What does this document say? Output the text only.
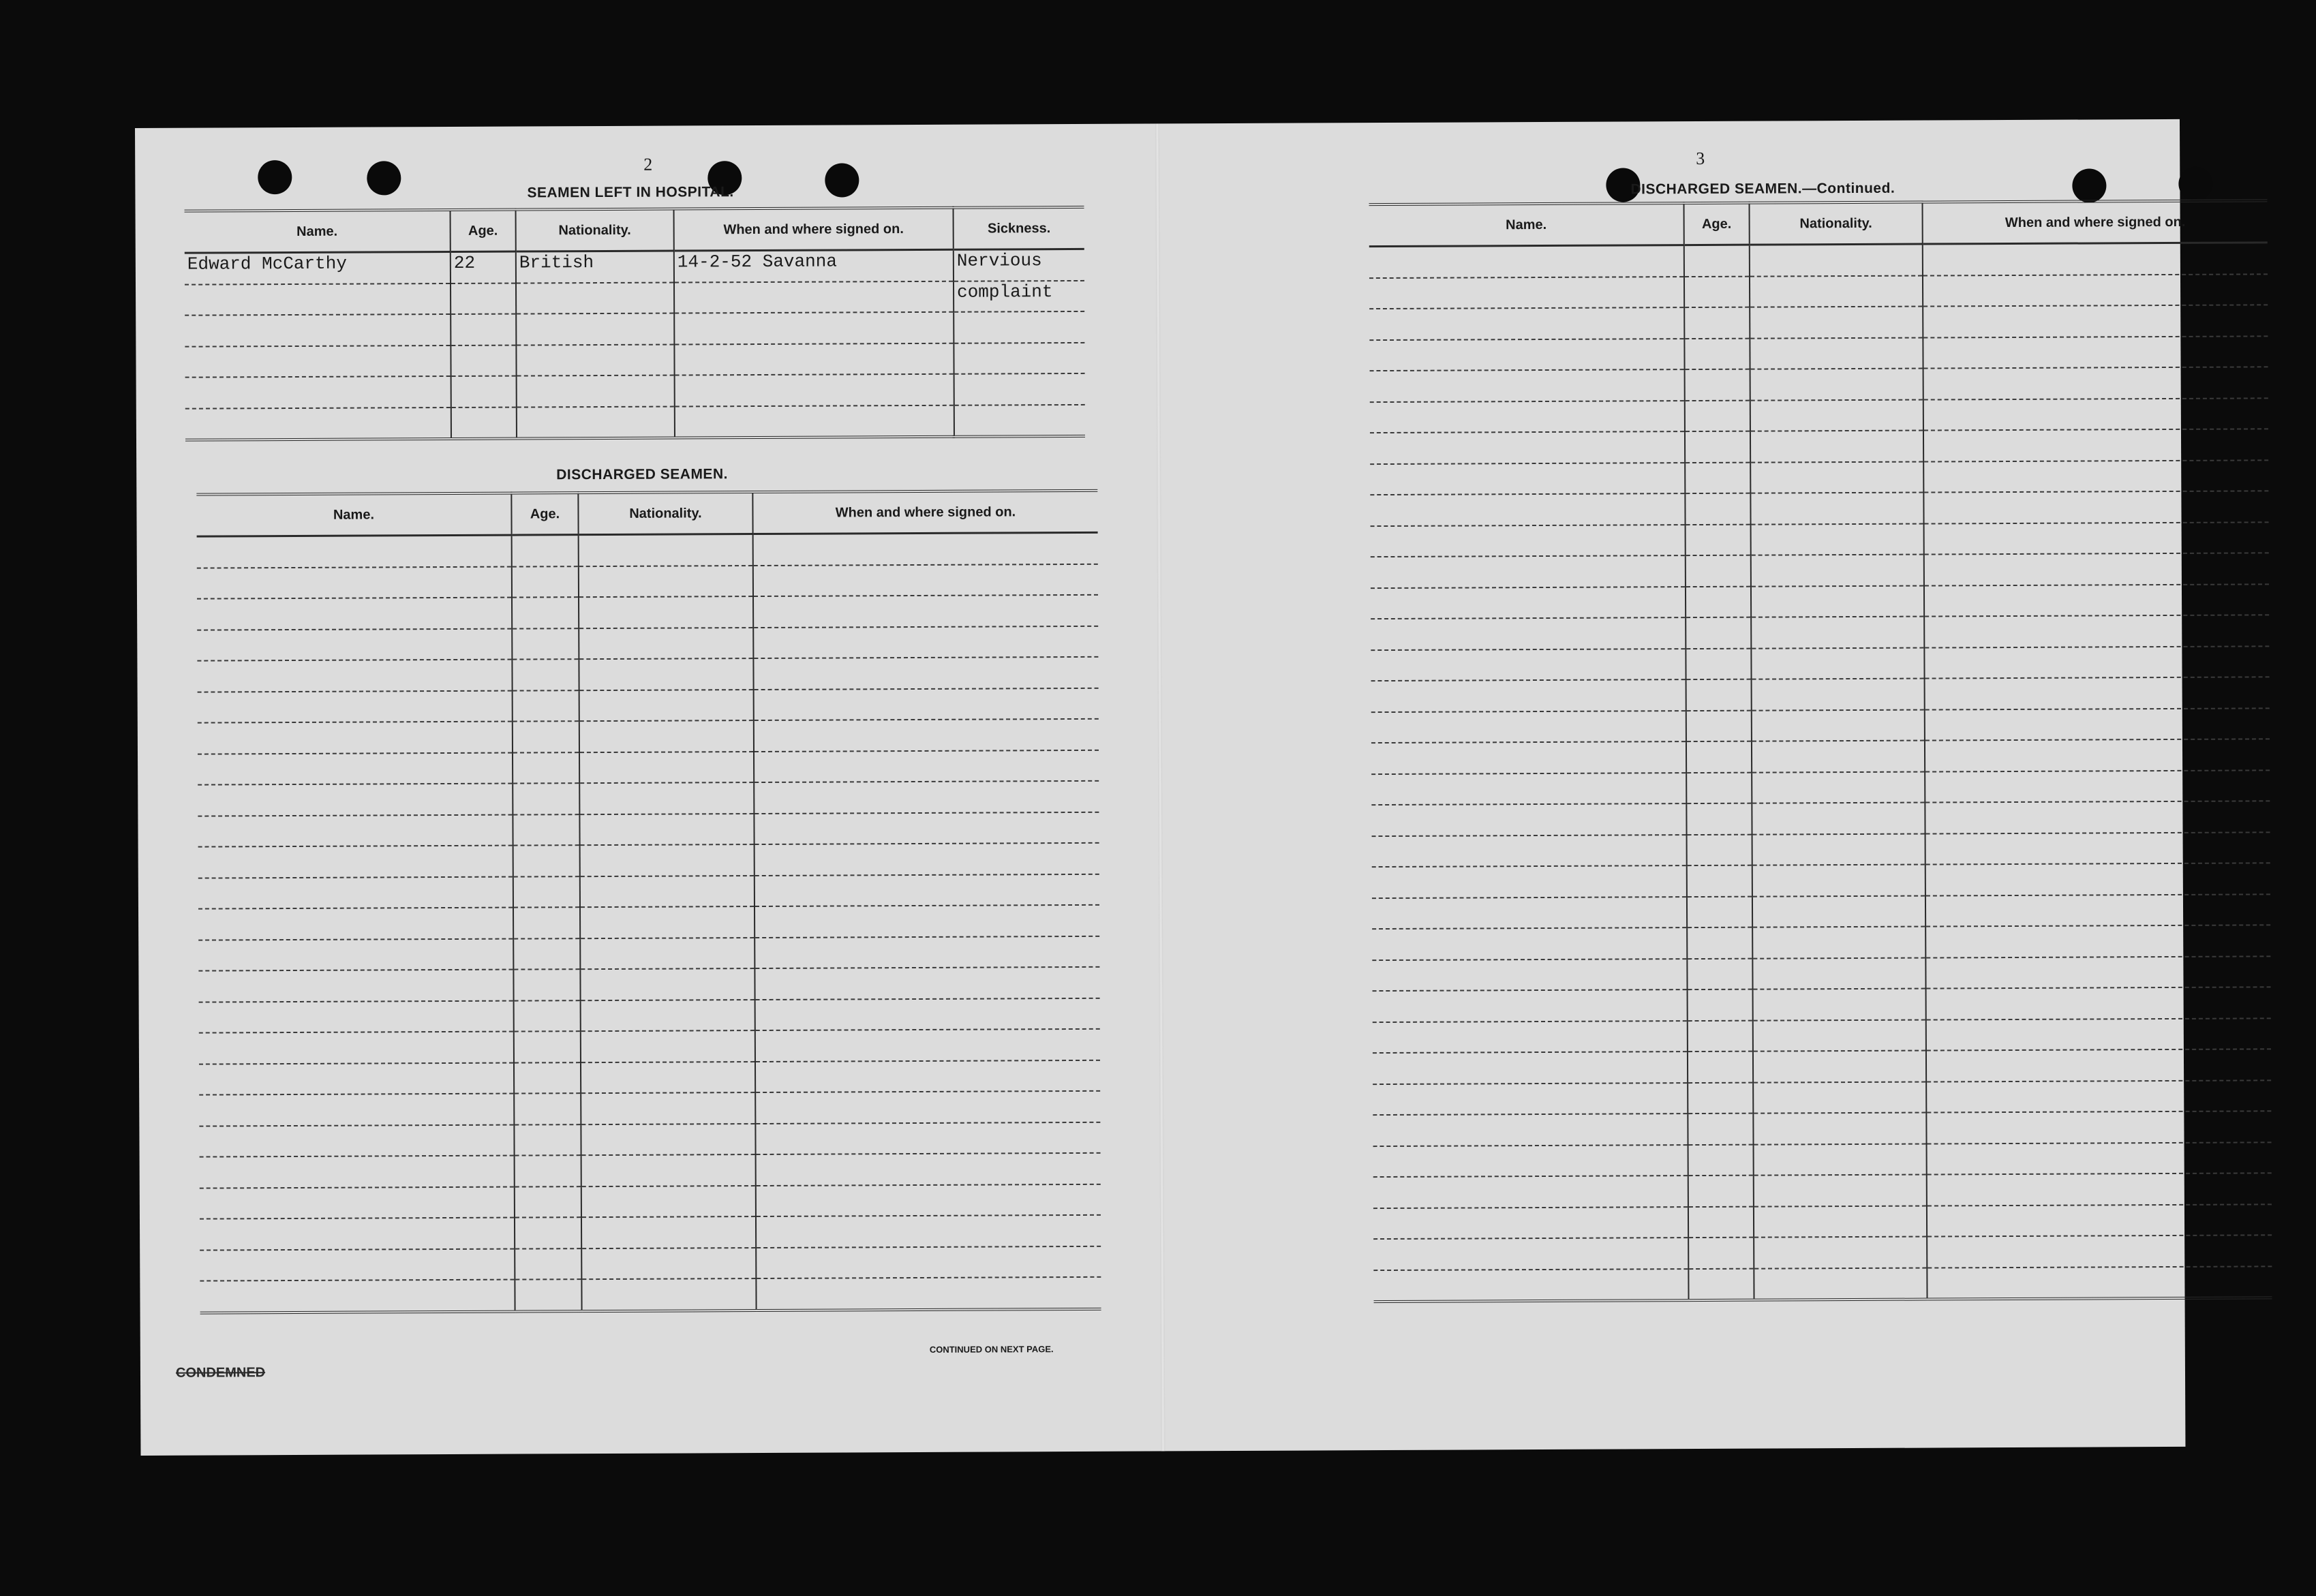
2
SEAMEN LEFT IN HOSPITAL.
Name.	Age.	Nationality.	When and where signed on.	Sickness.
Edward McCarthy	22	British	14-2-52 Savanna	Nervious
				complaint

DISCHARGED SEAMEN.
Name.	Age.	Nationality.	When and where signed on.

CONTINUED ON NEXT PAGE.
CONDEMNED
3
DISCHARGED SEAMEN.—Continued.
Name.	Age.	Nationality.	When and where signed on.
